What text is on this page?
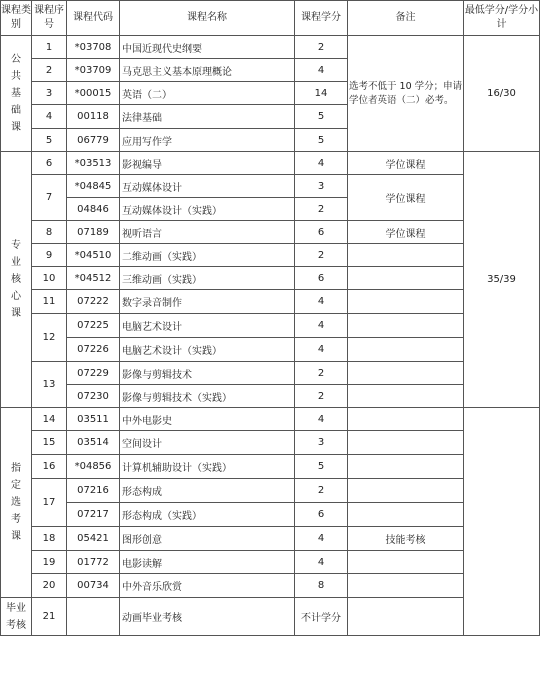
课程类别	课程序号	课程代码	课程名称	课程学分	备注	最低学分/学分小计

公
共
基
础
课	1	*03708	中国近现代史纲要	2	选考不低于 10 学分；申请学位者英语（二）必考。	16/30
	2	*03709	马克思主义基本原理概论	4		
	3	*00015	英语（二）	14		
	4	00118	法律基础	5		
	5	06779	应用写作学	5		

专
业
核
心
课	6	*03513	影视编导	4	学位课程	35/39
	7	*04845	互动媒体设计	3	学位课程	
		04846	互动媒体设计（实践）	2		
	8	07189	视听语言	6	学位课程	
	9	*04510	二维动画（实践）	2		
	10	*04512	三维动画（实践）	6		
	11	07222	数字录音制作	4		
	12	07225	电脑艺术设计	4		
		07226	电脑艺术设计（实践）	4		
	13	07229	影像与剪辑技术	2		
		07230	影像与剪辑技术（实践）	2		

指
定
选
考
课	14	03511	中外电影史	4		
	15	03514	空间设计	3		
	16	*04856	计算机辅助设计（实践）	5		
	17	07216	形态构成	2		
		07217	形态构成（实践）	6		
	18	05421	图形创意	4	技能考核	
	19	01772	电影读解	4		
	20	00734	中外音乐欣赏	8		

毕业
考核	21		动画毕业考核	不计学分		
